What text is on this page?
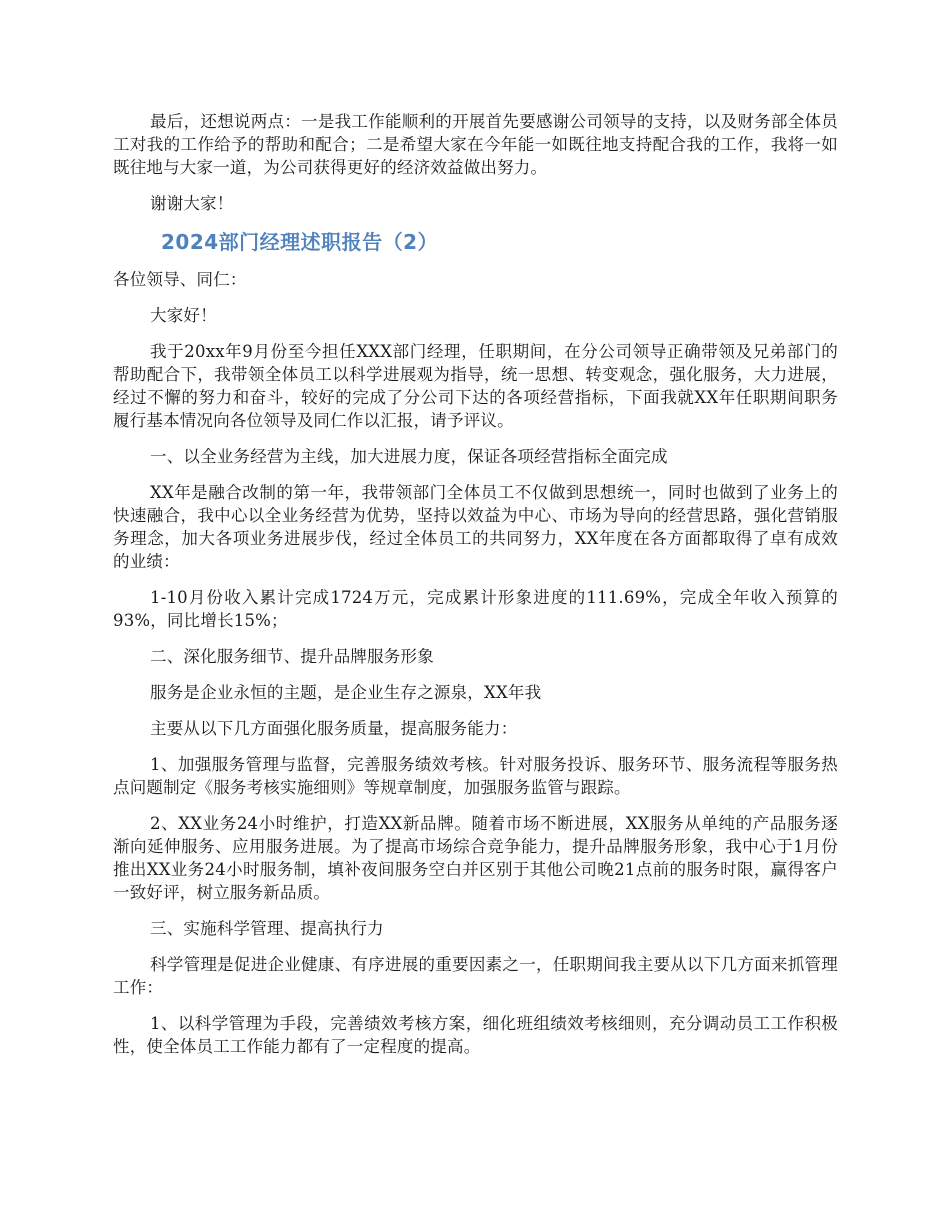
最后，还想说两点：一是我工作能顺利的开展首先要感谢公司领导的支持，以及财务部全体员工对我的工作给予的帮助和配合；二是希望大家在今年能一如既往地支持配合我的工作，我将一如既往地与大家一道，为公司获得更好的经济效益做出努力。

谢谢大家！

2024部门经理述职报告（2）

各位领导、同仁：

大家好！

我于20xx年9月份至今担任XXX部门经理，任职期间，在分公司领导正确带领及兄弟部门的帮助配合下，我带领全体员工以科学进展观为指导，统一思想、转变观念，强化服务，大力进展，经过不懈的努力和奋斗，较好的完成了分公司下达的各项经营指标，下面我就XX年任职期间职务履行基本情况向各位领导及同仁作以汇报，请予评议。

一、以全业务经营为主线，加大进展力度，保证各项经营指标全面完成

XX年是融合改制的第一年，我带领部门全体员工不仅做到思想统一，同时也做到了业务上的快速融合，我中心以全业务经营为优势，坚持以效益为中心、市场为导向的经营思路，强化营销服务理念，加大各项业务进展步伐，经过全体员工的共同努力，XX年度在各方面都取得了卓有成效的业绩：

1-10月份收入累计完成1724万元，完成累计形象进度的111.69%，完成全年收入预算的93%，同比增长15%；

二、深化服务细节、提升品牌服务形象

服务是企业永恒的主题，是企业生存之源泉，XX年我

主要从以下几方面强化服务质量，提高服务能力：

1、加强服务管理与监督，完善服务绩效考核。针对服务投诉、服务环节、服务流程等服务热点问题制定《服务考核实施细则》等规章制度，加强服务监管与跟踪。

2、XX业务24小时维护，打造XX新品牌。随着市场不断进展，XX服务从单纯的产品服务逐渐向延伸服务、应用服务进展。为了提高市场综合竞争能力，提升品牌服务形象，我中心于1月份推出XX业务24小时服务制，填补夜间服务空白并区别于其他公司晚21点前的服务时限，赢得客户一致好评，树立服务新品质。

三、实施科学管理、提高执行力

科学管理是促进企业健康、有序进展的重要因素之一，任职期间我主要从以下几方面来抓管理工作：

1、以科学管理为手段，完善绩效考核方案，细化班组绩效考核细则，充分调动员工工作积极性，使全体员工工作能力都有了一定程度的提高。
